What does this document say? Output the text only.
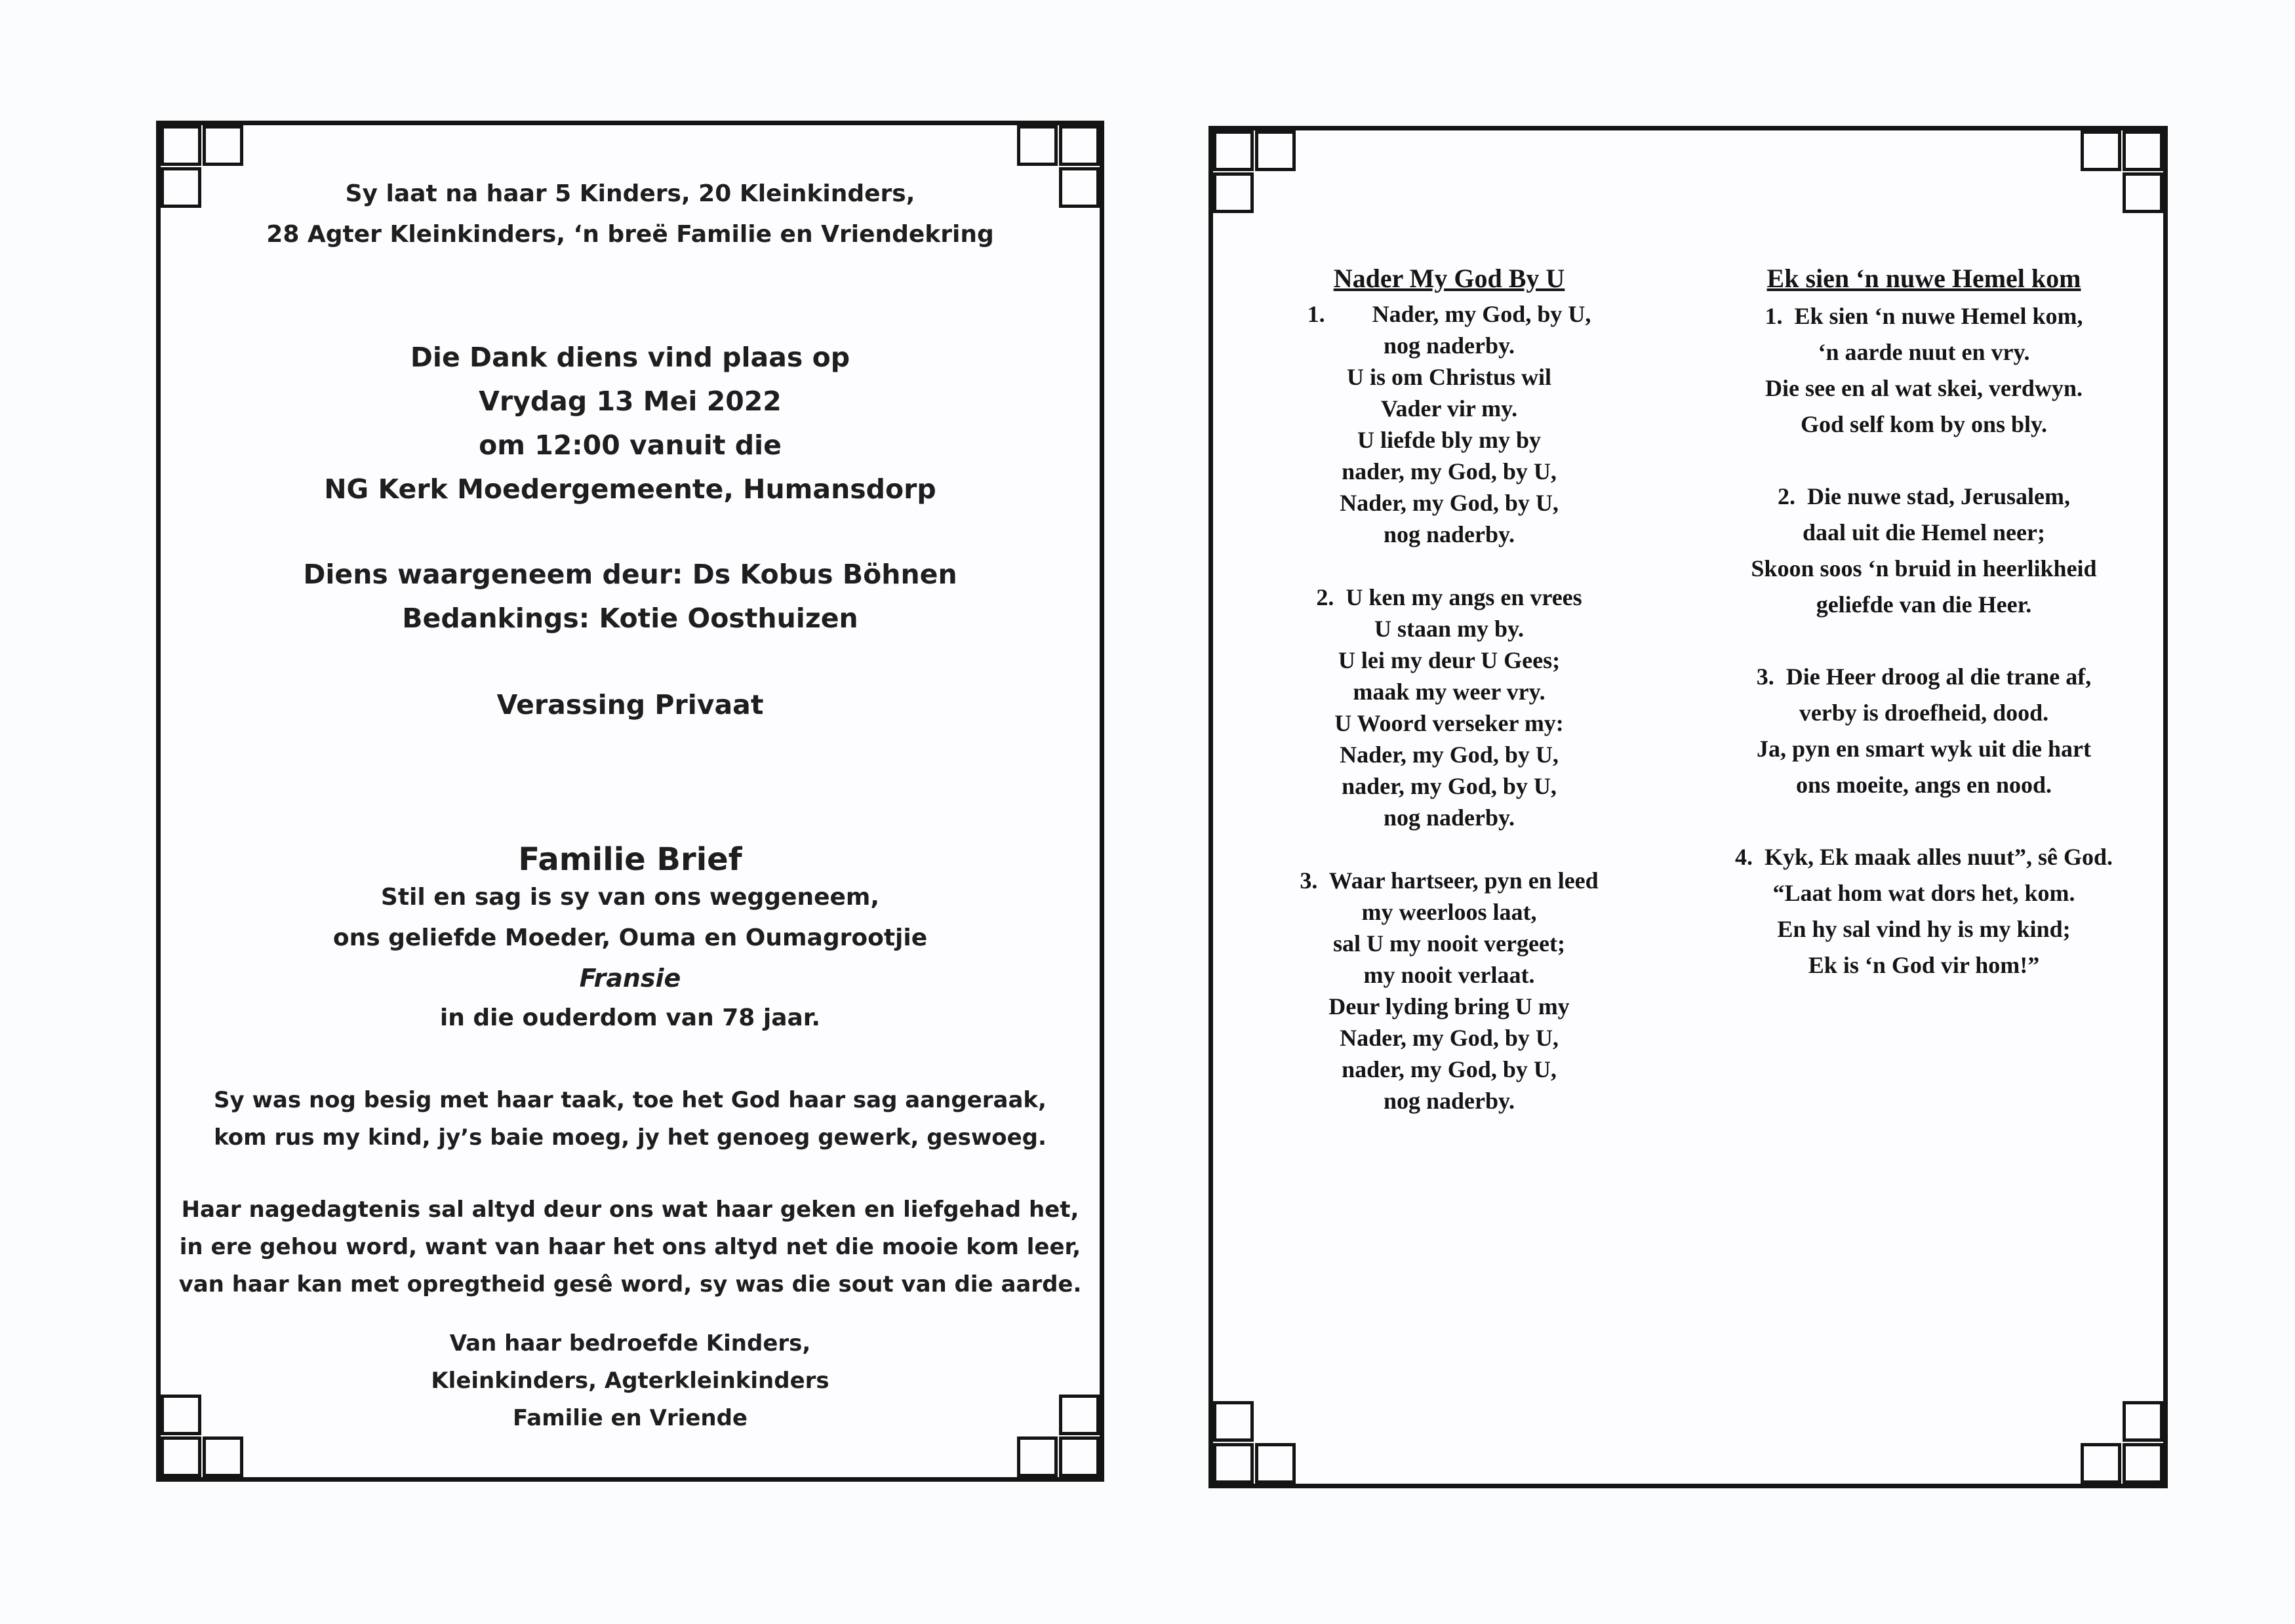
Sy laat na haar 5 Kinders, 20 Kleinkinders,
28 Agter Kleinkinders, ‘n breë Familie en Vriendekring
Die Dank diens vind plaas op
Vrydag 13 Mei 2022
om 12:00 vanuit die
NG Kerk Moedergemeente, Humansdorp
Diens waargeneem deur: Ds Kobus Böhnen
Bedankings: Kotie Oosthuizen
Verassing Privaat
Familie Brief
Stil en sag is sy van ons weggeneem,
ons geliefde Moeder, Ouma en Oumagrootjie
Fransie
in die ouderdom van 78 jaar.
Sy was nog besig met haar taak, toe het God haar sag aangeraak,
kom rus my kind, jy’s baie moeg, jy het genoeg gewerk, geswoeg.
Haar nagedagtenis sal altyd deur ons wat haar geken en liefgehad het,
in ere gehou word, want van haar het ons altyd net die mooie kom leer,
van haar kan met opregtheid gesê word, sy was die sout van die aarde.
Van haar bedroefde Kinders,
Kleinkinders, Agterkleinkinders
Familie en Vriende
Nader My God By U
1.        Nader, my God, by U,
nog naderby.
U is om Christus wil
Vader vir my.
U liefde bly my by
nader, my God, by U,
Nader, my God, by U,
nog naderby.

2.  U ken my angs en vrees
U staan my by.
U lei my deur U Gees;
maak my weer vry.
U Woord verseker my:
Nader, my God, by U,
nader, my God, by U,
nog naderby.

3.  Waar hartseer, pyn en leed
my weerloos laat,
sal U my nooit vergeet;
my nooit verlaat.
Deur lyding bring U my
Nader, my God, by U,
nader, my God, by U,
nog naderby.
Ek sien ‘n nuwe Hemel kom
1.  Ek sien ‘n nuwe Hemel kom,
‘n aarde nuut en vry.
Die see en al wat skei, verdwyn.
God self kom by ons bly.

2.  Die nuwe stad, Jerusalem,
daal uit die Hemel neer;
Skoon soos ‘n bruid in heerlikheid
geliefde van die Heer.

3.  Die Heer droog al die trane af,
verby is droefheid, dood.
Ja, pyn en smart wyk uit die hart
ons moeite, angs en nood.

4.  Kyk, Ek maak alles nuut”, sê God.
“Laat hom wat dors het, kom.
En hy sal vind hy is my kind;
Ek is ‘n God vir hom!”
